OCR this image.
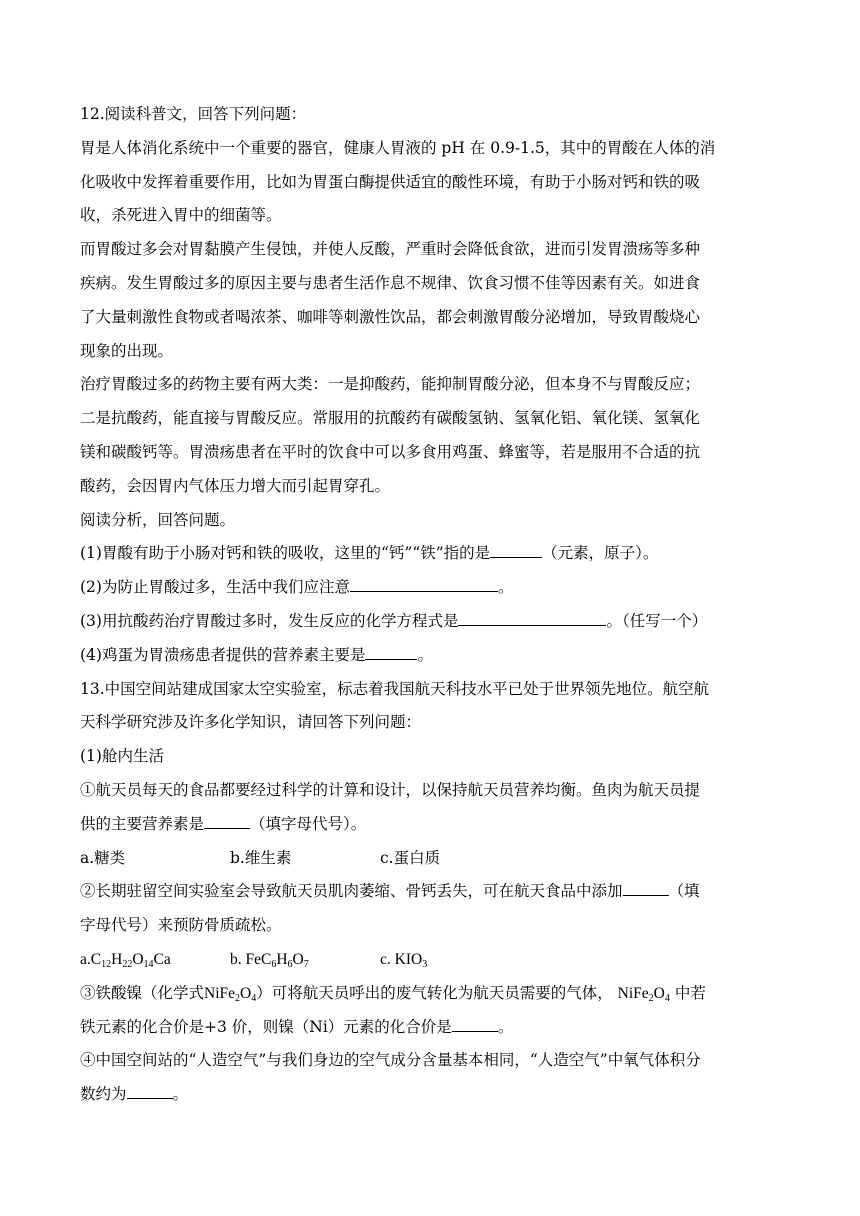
12.阅读科普文，回答下列问题：
胃是人体消化系统中一个重要的器官，健康人胃液的 pH 在 0.9-1.5，其中的胃酸在人体的消
化吸收中发挥着重要作用，比如为胃蛋白酶提供适宜的酸性环境，有助于小肠对钙和铁的吸
收，杀死进入胃中的细菌等。
而胃酸过多会对胃黏膜产生侵蚀，并使人反酸，严重时会降低食欲，进而引发胃溃疡等多种
疾病。发生胃酸过多的原因主要与患者生活作息不规律、饮食习惯不佳等因素有关。如进食
了大量刺激性食物或者喝浓茶、咖啡等刺激性饮品，都会刺激胃酸分泌增加，导致胃酸烧心
现象的出现。
治疗胃酸过多的药物主要有两大类：一是抑酸药，能抑制胃酸分泌，但本身不与胃酸反应；
二是抗酸药，能直接与胃酸反应。常服用的抗酸药有碳酸氢钠、氢氧化铝、氧化镁、氢氧化
镁和碳酸钙等。胃溃疡患者在平时的饮食中可以多食用鸡蛋、蜂蜜等，若是服用不合适的抗
酸药，会因胃内气体压力增大而引起胃穿孔。
阅读分析，回答问题。
(1)胃酸有助于小肠对钙和铁的吸收，这里的“钙”“铁”指的是	（元素，原子）。
(2)为防止胃酸过多，生活中我们应注意	。
(3)用抗酸药治疗胃酸过多时，发生反应的化学方程式是	。（任写一个）
(4)鸡蛋为胃溃疡患者提供的营养素主要是	。
13.中国空间站建成国家太空实验室，标志着我国航天科技水平已处于世界领先地位。航空航
天科学研究涉及许多化学知识，请回答下列问题：
(1)舱内生活
①航天员每天的食品都要经过科学的计算和设计，以保持航天员营养均衡。鱼肉为航天员提
供的主要营养素是	（填字母代号）。
a.糖类	b.维生素	c.蛋白质
②长期驻留空间实验室会导致航天员肌肉萎缩、骨钙丢失，可在航天食品中添加	（填
字母代号）来预防骨质疏松。
$a.C_{12}H_{22}O_{14}Ca$	b. $FeC_6H_6O_7$	c. $KIO_3$
③铁酸镍（化学式$NiFe_2O_4$）可将航天员呼出的废气转化为航天员需要的气体， $NiFe_2O_4$ 中若
铁元素的化合价是+3 价，则镍（Ni）元素的化合价是	。
④中国空间站的“人造空气”与我们身边的空气成分含量基本相同，“人造空气”中氧气体积分
数约为	。
